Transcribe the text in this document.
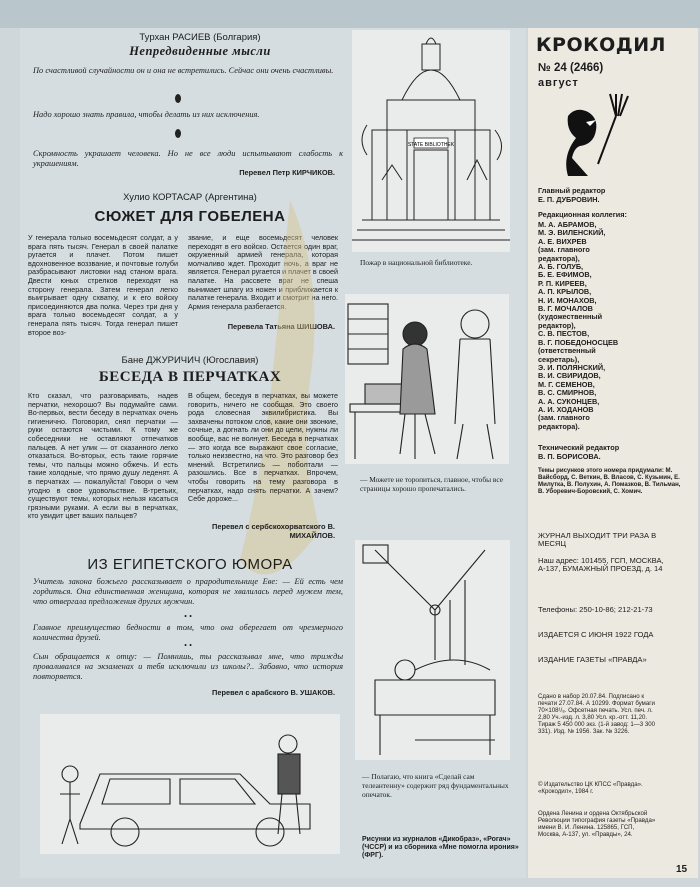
Турхан РАСИЕВ (Болгария)
Непредвиденные мысли
По счастливой случайности он и она не встретились. Сейчас они очень счастливы.
Надо хорошо знать правила, чтобы делать из них исключения.
Скромность украшает человека. Но не все люди испытывают слабость к украшениям.
Перевел Петр КИРЧИКОВ.
STATE BIBLIOTHEK
Пожар в национальной библиотеке.
Хулио КОРТАСАР (Аргентина)
СЮЖЕТ ДЛЯ ГОБЕЛЕНА
У генерала только восемьдесят солдат, а у врага пять тысяч. Генерал в своей палатке ругается и плачет. Потом пишет вдохновенное воззвание, и почтовые голуби разбрасывают листовки над станом врага. Двести юных стрелков переходят на сторону генерала. Затем генерал легко выигрывает одну схватку, и к его войску присоединяются два полка. Через три дня у врага только восемьдесят солдат, а у генерала пять тысяч. Тогда генерал пишет второе воз-
звание, и еще восемьдесят человек переходят в его войско. Остается один враг, окруженный армией генерала, которая молчаливо ждет. Проходит ночь, а враг не является. Генерал ругается и плачет в своей палатке. На рассвете враг не спеша вынимает шпагу из ножен и приближается к палатке генерала. Входит и смотрит на него. Армия генерала разбегается.
Перевела Татьяна ШИШОВА.
Бане ДЖУРИЧИЧ (Югославия)
БЕСЕДА В ПЕРЧАТКАХ
Кто сказал, что разговаривать, надев перчатки, нехорошо? Вы подумайте сами. Во-первых, вести беседу в перчатках очень гигиенично. Поговорил, снял перчатки — руки остаются чистыми. К тому же собеседники не оставляют отпечатков пальцев. А нет улик — от сказанного легко отказаться. Во-вторых, есть такие горячие темы, что пальцы можно обжечь. И есть такие холодные, что прямо душу леденят. А в перчатках — пожалуйста! Говори о чем угодно в свое удовольствие. В-третьих, существуют темы, которых нельзя касаться грязными руками. А если вы в перчатках, кто увидит цвет ваших пальцев?
В общем, беседуя в перчатках, вы можете говорить, ничего не сообщая. Это своего рода словесная эквилибристика. Вы захвачены потоком слов, какие они звонкие, сочные, а догнать ли они до цели, нужны ли вообще, вас не волнует. Беседа в перчатках — это когда все выражают свое согласие, только неизвестно, на что. Это разговор без мнений. Встретились — поболтали — разошлись. Все в перчатках. Впрочем, чтобы говорить на тему разговора в перчатках, надо снять перчатки. А зачем? Себе дороже...
Перевел с сербскохорватского В. МИХАЙЛОВ.
— Можете не торопиться, главное, чтобы все страницы хорошо пропечатались.
ИЗ ЕГИПЕТСКОГО ЮМОРА
Учитель закона божьего рассказывает о прародительнице Еве: — Ей есть чем гордиться. Она единственная женщина, которая не хвалилась перед мужем тем, что отвергала предложения других мужчин.
• •
Главное преимущество бедности в том, что она оберегает от чрезмерного количества друзей.
• •
Сын обращается к отцу: — Помнишь, ты рассказывал мне, что трижды проваливался на экзаменах и тебя исключили из школы?.. Забавно, что история повторяется.
Перевел с арабского В. УШАКОВ.
— Полагаю, что книга «Сделай сам телеантенну» содержит ряд фундаментальных опечаток.
Рисунки из журналов «Дикобраз», «Рогач» (ЧССР) и из сборника «Мне помогла ирония» (ФРГ).
КРОКОДИЛ
№ 24 (2466)
август
Главный редактор
Е. П. ДУБРОВИН.
Редакционная коллегия:
М. А. АБРАМОВ,
М. Э. ВИЛЕНСКИЙ,
А. Е. ВИХРЕВ
(зам. главного
редактора),
А. Б. ГОЛУБ,
Б. Е. ЕФИМОВ,
Р. П. КИРЕЕВ,
А. П. КРЫЛОВ,
Н. И. МОНАХОВ,
В. Г. МОЧАЛОВ
(художественный
редактор),
С. В. ПЕСТОВ,
В. Г. ПОБЕДОНОСЦЕВ
(ответственный
секретарь),
Э. И. ПОЛЯНСКИЙ,
В. И. СВИРИДОВ,
М. Г. СЕМЕНОВ,
В. С. СМИРНОВ,
А. А. СУКОНЦЕВ,
А. И. ХОДАНОВ
(зам. главного
редактора).
Технический редактор
В. П. БОРИСОВА.
Темы рисунков этого номера придумали: М. Вайсборд, С. Веткин, В. Власов, С. Кузьмин, Е. Милутка, В. Полухин, А. Помазков, В. Тильман, В. Уборевич-Боровский, С. Хомич.
ЖУРНАЛ ВЫХОДИТ ТРИ РАЗА В МЕСЯЦ
Наш адрес: 101455, ГСП, МОСКВА, А-137, БУМАЖНЫЙ ПРОЕЗД, д. 14
Телефоны: 250-10-86; 212-21-73
ИЗДАЕТСЯ С ИЮНЯ 1922 ГОДА
ИЗДАНИЕ ГАЗЕТЫ «ПРАВДА»
Сдано в набор 20.07.84. Подписано к печати 27.07.84. А 10299. Формат бумаги 70×108¹/₈. Офсетная печать. Усл. печ. л. 2,80 Уч.-изд. л. 3,80 Усл. кр.-отт. 11,20. Тираж 5 450 000 экз. (1-й завод: 1—3 300 331). Изд. № 1956. Зак. № 3226.
© Издательство ЦК КПСС «Правда». «Крокодил», 1984 г.
Ордена Ленина и ордена Октябрьской Революции типография газеты «Правда» имени В. И. Ленина. 125865, ГСП, Москва, А-137, ул. «Правды», 24.
15
